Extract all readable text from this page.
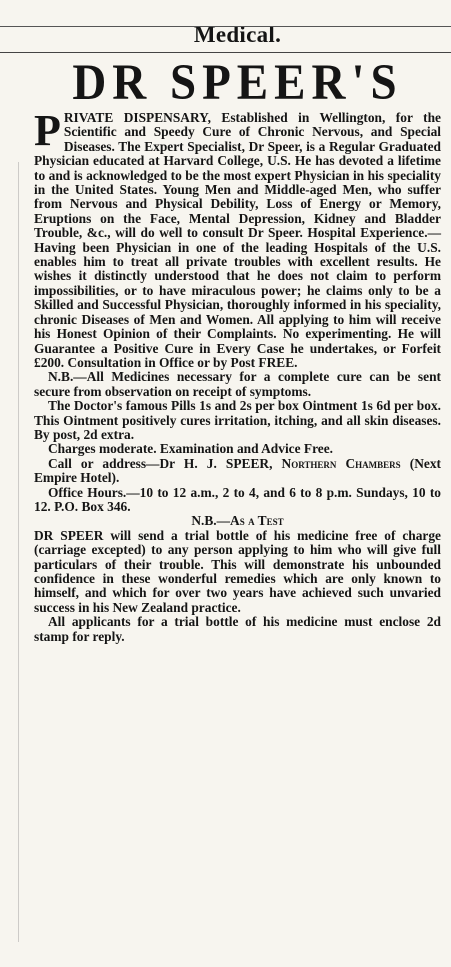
Medical.
DR SPEER'S

PRIVATE DISPENSARY, Established in Wellington, for the Scientific and Speedy Cure of Chronic Nervous, and Special Diseases. The Expert Specialist, Dr Speer, is a Regular Graduated Physician educated at Harvard College, U.S. He has devoted a lifetime to and is acknowledged to be the most expert Physician in his speciality in the United States. Young Men and Middle-aged Men, who suffer from Nervous and Physical Debility, Loss of Energy or Memory, Eruptions on the Face, Mental Depression, Kidney and Bladder Trouble, &c., will do well to consult Dr Speer. Hospital Experience.—Having been Physician in one of the leading Hospitals of the U.S. enables him to treat all private troubles with excellent results. He wishes it distinctly understood that he does not claim to perform impossibilities, or to have miraculous power; he claims only to be a Skilled and Successful Physician, thoroughly informed in his speciality, chronic Diseases of Men and Women. All applying to him will receive his Honest Opinion of their Complaints. No experimenting. He will Guarantee a Positive Cure in Every Case he undertakes, or Forfeit £200. Consultation in Office or by Post FREE.

N.B.—All Medicines necessary for a complete cure can be sent secure from observation on receipt of symptoms.

The Doctor's famous Pills 1s and 2s per box Ointment 1s 6d per box. This Ointment positively cures irritation, itching, and all skin diseases. By post, 2d extra.

Charges moderate. Examination and Advice Free.

Call or address—Dr H. J. SPEER, Northern Chambers (Next Empire Hotel).

Office Hours.—10 to 12 a.m., 2 to 4, and 6 to 8 p.m. Sundays, 10 to 12. P.O. Box 346.

N.B.—As a Test

DR SPEER will send a trial bottle of his medicine free of charge (carriage excepted) to any person applying to him who will give full particulars of their trouble. This will demonstrate his unbounded confidence in these wonderful remedies which are only known to himself, and which for over two years have achieved such unvaried success in his New Zealand practice.

All applicants for a trial bottle of his medicine must enclose 2d stamp for reply.
